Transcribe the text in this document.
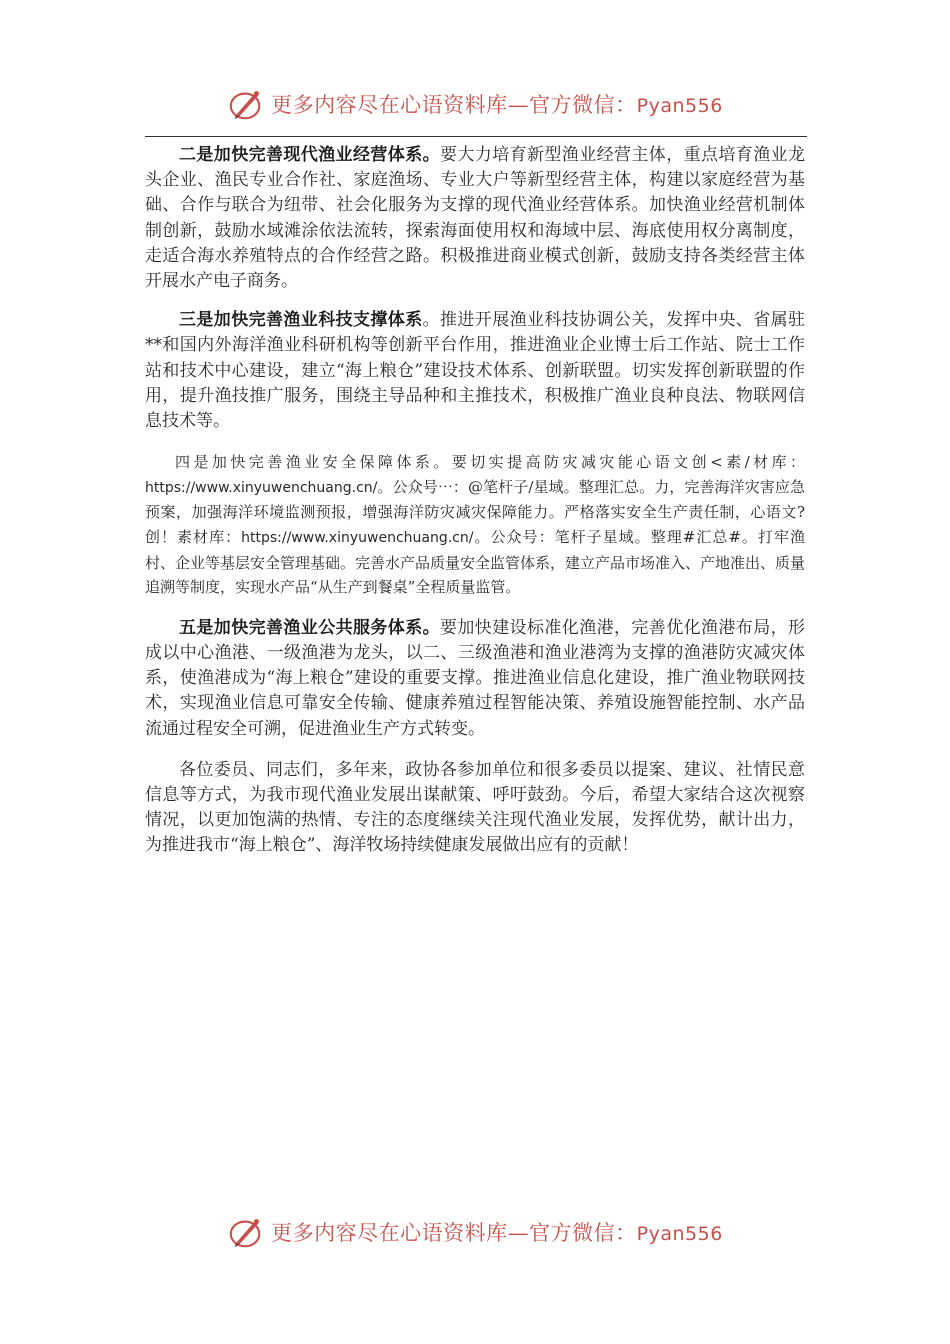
更多内容尽在心语资料库—官方微信：Pyan556

二是加快完善现代渔业经营体系。要大力培育新型渔业经营主体，重点培育渔业龙头企业、渔民专业合作社、家庭渔场、专业大户等新型经营主体，构建以家庭经营为基础、合作与联合为纽带、社会化服务为支撑的现代渔业经营体系。加快渔业经营机制体制创新，鼓励水域滩涂依法流转，探索海面使用权和海域中层、海底使用权分离制度，走适合海水养殖特点的合作经营之路。积极推进商业模式创新，鼓励支持各类经营主体开展水产电子商务。

三是加快完善渔业科技支撑体系。推进开展渔业科技协调公关，发挥中央、省属驻**和国内外海洋渔业科研机构等创新平台作用，推进渔业企业博士后工作站、院士工作站和技术中心建设，建立“海上粮仓”建设技术体系、创新联盟。切实发挥创新联盟的作用，提升渔技推广服务，围绕主导品种和主推技术，积极推广渔业良种良法、物联网信息技术等。

四是加快完善渔业安全保障体系。要切实提高防灾减灾能心语文创<素/材库：https://www.xinyuwenchuang.cn/。公众号⋯：@笔杆子/星域。整理汇总。力，完善海洋灾害应急预案，加强海洋环境监测预报，增强海洋防灾减灾保障能力。严格落实安全生产责任制，心语文?创！素材库：https://www.xinyuwenchuang.cn/。公众号：笔杆子星域。整理#汇总#。打牢渔村、企业等基层安全管理基础。完善水产品质量安全监管体系，建立产品市场准入、产地准出、质量追溯等制度，实现水产品“从生产到餐桌”全程质量监管。

五是加快完善渔业公共服务体系。要加快建设标准化渔港，完善优化渔港布局，形成以中心渔港、一级渔港为龙头，以二、三级渔港和渔业港湾为支撑的渔港防灾减灾体系，使渔港成为“海上粮仓”建设的重要支撑。推进渔业信息化建设，推广渔业物联网技术，实现渔业信息可靠安全传输、健康养殖过程智能决策、养殖设施智能控制、水产品流通过程安全可溯，促进渔业生产方式转变。

各位委员、同志们，多年来，政协各参加单位和很多委员以提案、建议、社情民意信息等方式，为我市现代渔业发展出谋献策、呼吁鼓劲。今后，希望大家结合这次视察情况，以更加饱满的热情、专注的态度继续关注现代渔业发展，发挥优势，献计出力，为推进我市“海上粮仓”、海洋牧场持续健康发展做出应有的贡献！

更多内容尽在心语资料库—官方微信：Pyan556
